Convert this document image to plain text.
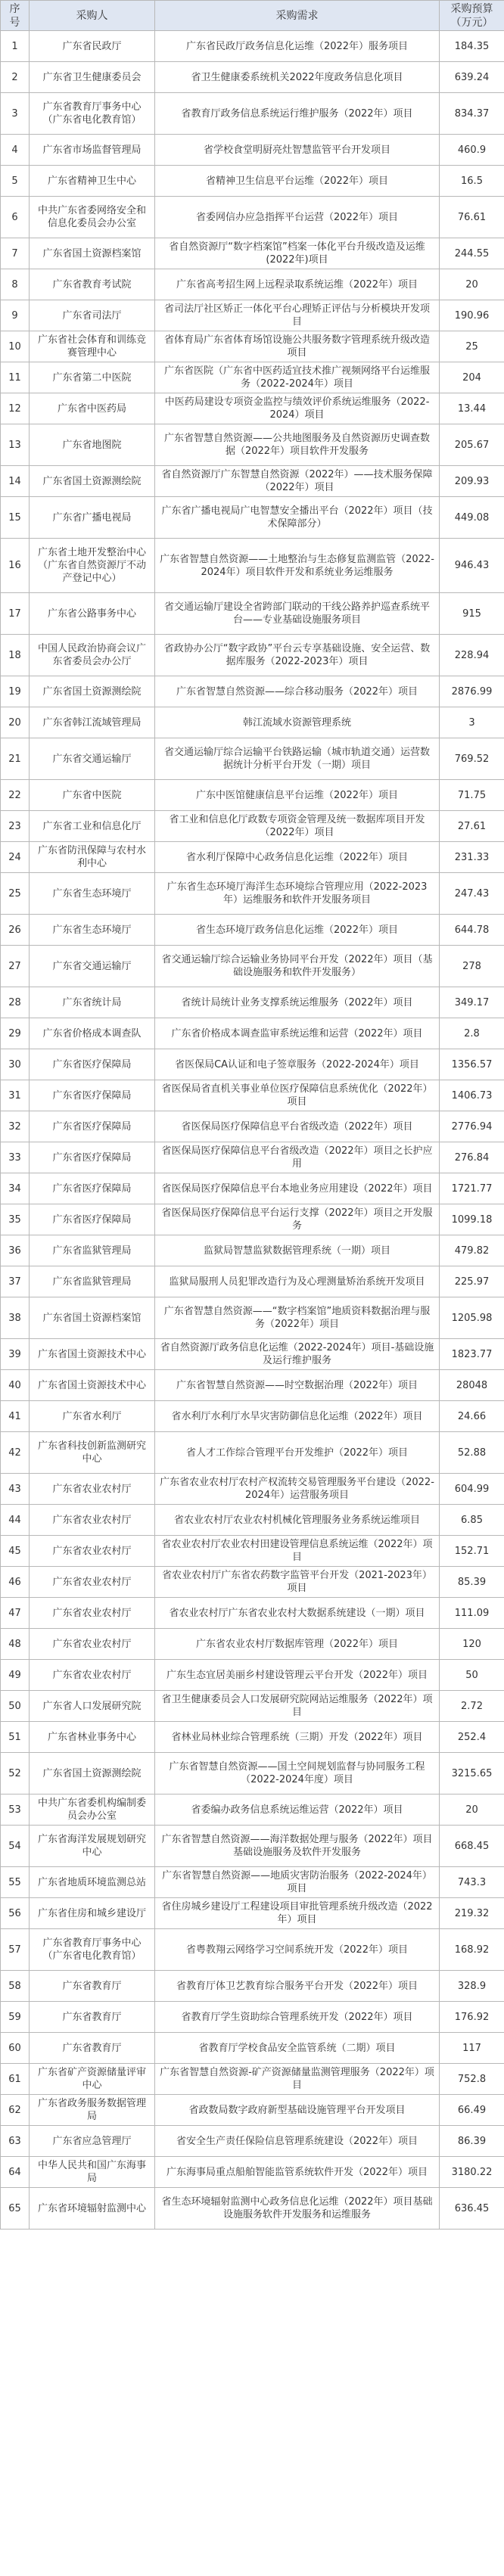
序号	采购人	采购需求	采购预算（万元）
1	广东省民政厅	广东省民政厅政务信息化运维（2022年）服务项目	184.35
2	广东省卫生健康委员会	省卫生健康委系统机关2022年度政务信息化项目	639.24
3	广东省教育厅事务中心（广东省电化教育馆）	省教育厅政务信息系统运行维护服务（2022年）项目	834.37
4	广东省市场监督管理局	省学校食堂明厨亮灶智慧监管平台开发项目	460.9
5	广东省精神卫生中心	省精神卫生信息平台运维（2022年）项目	16.5
6	中共广东省委网络安全和信息化委员会办公室	省委网信办应急指挥平台运营（2022年）项目	76.61
7	广东省国土资源档案馆	省自然资源厅“数字档案馆”档案一体化平台升级改造及运维(2022年)项目	244.55
8	广东省教育考试院	广东省高考招生网上远程录取系统运维（2022年）项目	20
9	广东省司法厅	省司法厅社区矫正一体化平台心理矫正评估与分析模块开发项目	190.96
10	广东省社会体育和训练竞赛管理中心	省体育局广东省体育场馆设施公共服务数字管理系统升级改造项目	25
11	广东省第二中医院	广东省医院（广东省中医药适宜技术推广视频网络平台运维服务（2022-2024年）项目	204
12	广东省中医药局	中医药局建设专项资金监控与绩效评价系统运维服务（2022-2024）项目	13.44
13	广东省地图院	广东省智慧自然资源——公共地图服务及自然资源历史调查数据（2022年）项目软件开发服务	205.67
14	广东省国土资源测绘院	省自然资源厅广东智慧自然资源（2022年）——技术服务保障（2022年）项目	209.93
15	广东省广播电视局	广东省广播电视局广电智慧安全播出平台（2022年）项目（技术保障部分）	449.08
16	广东省土地开发整治中心（广东省自然资源厅不动产登记中心）	广东省智慧自然资源——土地整治与生态修复监测监管（2022-2024年）项目软件开发和系统业务运维服务	946.43
17	广东省公路事务中心	省交通运输厅建设全省跨部门联动的干线公路养护巡查系统平台——专业基础设施服务项目	915
18	中国人民政治协商会议广东省委员会办公厅	省政协办公厅“数字政协”平台云专享基础设施、安全运营、数据库服务（2022-2023年）项目	228.94
19	广东省国土资源测绘院	广东省智慧自然资源——综合移动服务（2022年）项目	2876.99
20	广东省韩江流域管理局	韩江流域水资源管理系统	3
21	广东省交通运输厅	省交通运输厅综合运输平台铁路运输（城市轨道交通）运营数据统计分析平台开发（一期）项目	769.52
22	广东省中医院	广东中医馆健康信息平台运维（2022年）项目	71.75
23	广东省工业和信息化厅	省工业和信息化厅政数专项资金管理及统一数据库项目开发（2022年）项目	27.61
24	广东省防汛保障与农村水利中心	省水利厅保障中心政务信息化运维（2022年）项目	231.33
25	广东省生态环境厅	广东省生态环境厅海洋生态环境综合管理应用（2022-2023年）运维服务和软件开发服务项目	247.43
26	广东省生态环境厅	省生态环境厅政务信息化运维（2022年）项目	644.78
27	广东省交通运输厅	省交通运输厅综合运输业务协同平台开发（2022年）项目（基础设施服务和软件开发服务）	278
28	广东省统计局	省统计局统计业务支撑系统运维服务（2022年）项目	349.17
29	广东省价格成本调查队	广东省价格成本调查监审系统运维和运营（2022年）项目	2.8
30	广东省医疗保障局	省医保局CA认证和电子签章服务（2022-2024年）项目	1356.57
31	广东省医疗保障局	省医保局省直机关事业单位医疗保障信息系统优化（2022年）项目	1406.73
32	广东省医疗保障局	省医保局医疗保障信息平台省级改造（2022年）项目	2776.94
33	广东省医疗保障局	省医保局医疗保障信息平台省级改造（2022年）项目之长护应用	276.84
34	广东省医疗保障局	省医保局医疗保障信息平台本地业务应用建设（2022年）项目	1721.77
35	广东省医疗保障局	省医保局医疗保障信息平台运行支撑（2022年）项目之开发服务	1099.18
36	广东省监狱管理局	监狱局智慧监狱数据管理系统（一期）项目	479.82
37	广东省监狱管理局	监狱局服刑人员犯罪改造行为及心理测量矫治系统开发项目	225.97
38	广东省国土资源档案馆	广东省智慧自然资源——“数字档案馆”地质资料数据治理与服务（2022年）项目	1205.98
39	广东省国土资源技术中心	省自然资源厅政务信息化运维（2022-2024年）项目-基础设施及运行维护服务	1823.77
40	广东省国土资源技术中心	广东省智慧自然资源——时空数据治理（2022年）项目	28048
41	广东省水利厅	省水利厅水利厅水旱灾害防御信息化运维（2022年）项目	24.66
42	广东省科技创新监测研究中心	省人才工作综合管理平台开发维护（2022年）项目	52.88
43	广东省农业农村厅	广东省农业农村厅农村产权流转交易管理服务平台建设（2022-2024年）运营服务项目	604.99
44	广东省农业农村厅	省农业农村厅农业农村机械化管理服务业务系统运维项目	6.85
45	广东省农业农村厅	省农业农村厅农业农村田建设管理信息系统运维（2022年）项目	152.71
46	广东省农业农村厅	省农业农村厅广东省农药数字监管平台开发（2021-2023年）项目	85.39
47	广东省农业农村厅	省农业农村厅广东省农业农村大数据系统建设（一期）项目	111.09
48	广东省农业农村厅	广东省农业农村厅数据库管理（2022年）项目	120
49	广东省农业农村厅	广东生态宜居美丽乡村建设管理云平台开发（2022年）项目	50
50	广东省人口发展研究院	省卫生健康委员会人口发展研究院网站运维服务（2022年）项目	2.72
51	广东省林业事务中心	省林业局林业综合管理系统（三期）开发（2022年）项目	252.4
52	广东省国土资源测绘院	广东省智慧自然资源——国土空间规划监督与协同服务工程（2022-2024年度）项目	3215.65
53	中共广东省委机构编制委员会办公室	省委编办政务信息系统运维运营（2022年）项目	20
54	广东省海洋发展规划研究中心	广东省智慧自然资源——海洋数据处理与服务（2022年）项目基础设施服务及软件开发服务	668.45
55	广东省地质环境监测总站	广东省智慧自然资源——地质灾害防治服务（2022-2024年）项目	743.3
56	广东省住房和城乡建设厅	省住房城乡建设厅工程建设项目审批管理系统升级改造（2022年）项目	219.32
57	广东省教育厅事务中心（广东省电化教育馆）	省粤教翔云网络学习空间系统开发（2022年）项目	168.92
58	广东省教育厅	省教育厅体卫艺教育综合服务平台开发（2022年）项目	328.9
59	广东省教育厅	省教育厅学生资助综合管理系统开发（2022年）项目	176.92
60	广东省教育厅	省教育厅学校食品安全监管系统（二期）项目	117
61	广东省矿产资源储量评审中心	广东省智慧自然资源-矿产资源储量监测管理服务（2022年）项目	752.8
62	广东省政务服务数据管理局	省政数局数字政府新型基础设施管理平台开发项目	66.49
63	广东省应急管理厅	省安全生产责任保险信息管理系统建设（2022年）项目	86.39
64	中华人民共和国广东海事局	广东海事局重点船舶智能监管系统软件开发（2022年）项目	3180.22
65	广东省环境辐射监测中心	省生态环境辐射监测中心政务信息化运维（2022年）项目基础设施服务软件开发服务和运维服务	636.45
